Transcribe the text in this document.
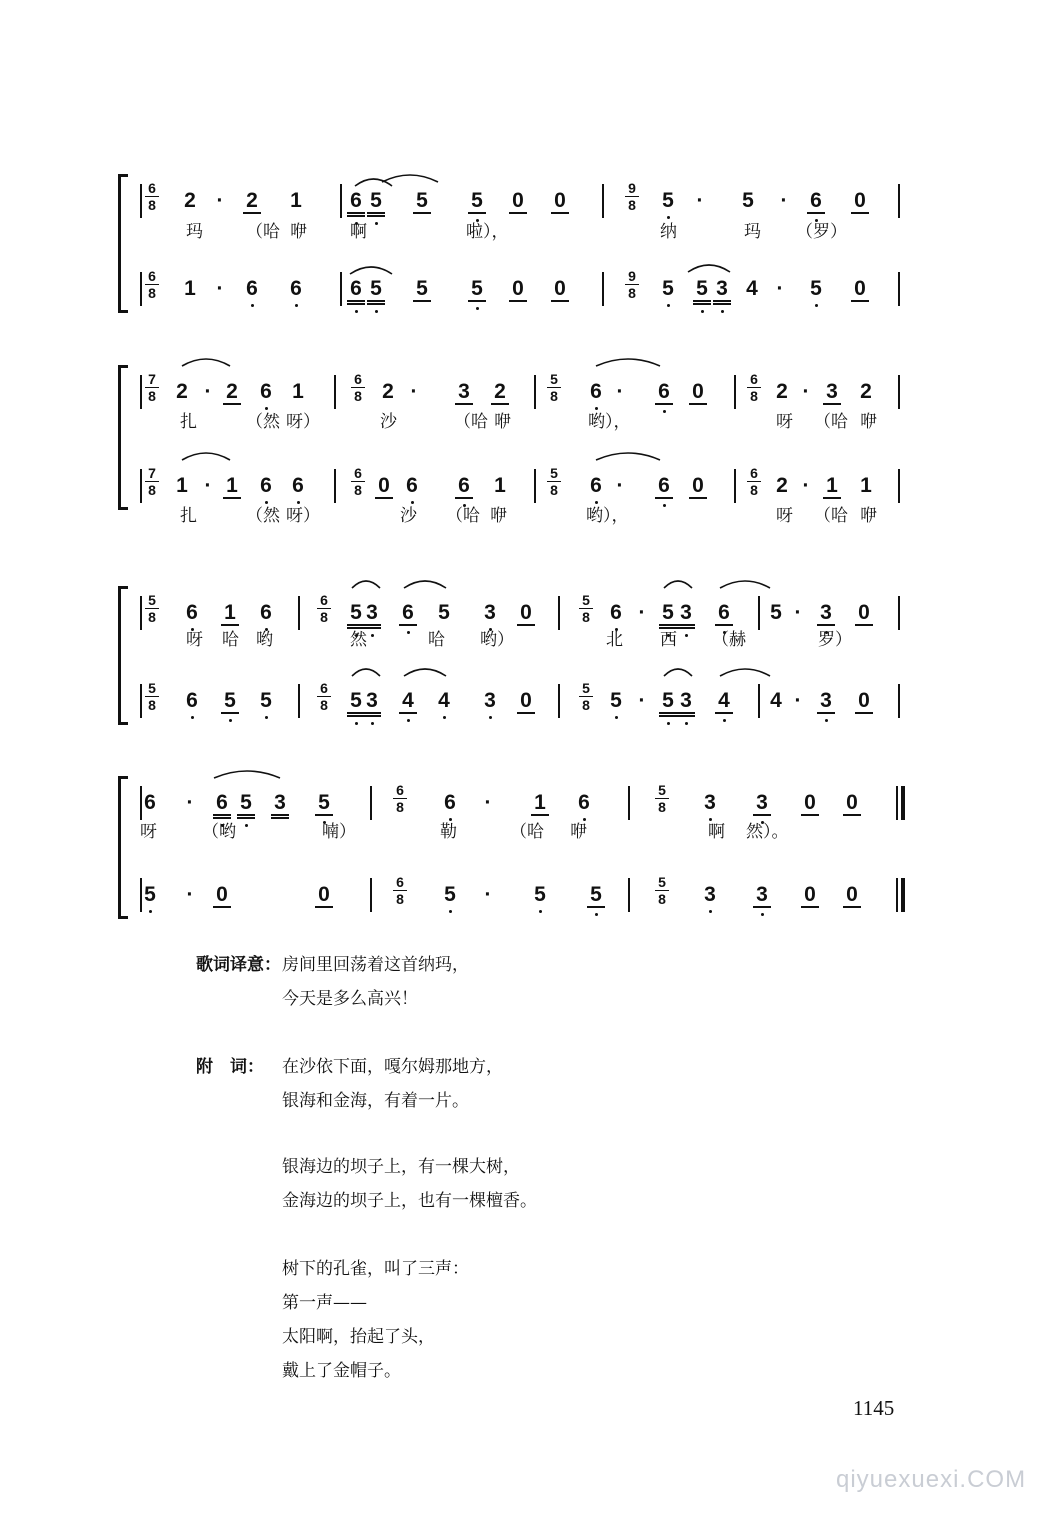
$\frac{6}{8} 2$ ·	2 1 6 5 5 5 0 0	$\frac{9}{8} 5$	·	5	·	6 0
$\frac{6}{8} 1$ ·	6 6 6 5 5 5 0 0	$\frac{9}{8} 5$ 5 3 4 ·	5 0
玛	（哈 咿	啊	啦），	纳	玛 （罗）
$\frac{7}{8} 2 \cdot 2$ 6 1	$\frac{6}{8} 2$ ·	3 2	$\frac{5}{8} 6$ ·	6 0	$\frac{6}{8} 2 \cdot 3$ 2
$\frac{7}{8} 1 \cdot 1$ 6 6	$\frac{6}{8} 0$ 6 6 1	$\frac{5}{8} 6$ ·	6 0	$\frac{6}{8} 2 \cdot 1$ 1
扎	（然 呀）	沙	（哈 咿	哟），	呀 （哈 咿
扎	（然 呀）	沙 （哈 咿	哟），	呀 （哈 咿
$\frac{5}{8} 6$ 1 6	$\frac{6}{8} 5$ 3 6 5 3 0	$\frac{5}{8} 6 \cdot 5$ 3 6 5 · 3 0
$\frac{5}{8} 6$ 5 5	$\frac{6}{8} 5$ 3 4 4 3 0	$\frac{5}{8} 5 \cdot 5$ 3 4 4 · 3 0
呀 哈 哟	然	哈 哟）	北 西 （赫	罗）
6	·	6 5 3 5	$\frac{6}{8} 6$	·	1 6	$\frac{5}{8} 3$ 3 0 0
5	·	0	0	$\frac{6}{8} 5$	·	5 5	$\frac{5}{8} 3$ 3 0 0
呀	（哟	喃）	勒	（哈 咿	啊 然）。
歌词译意： 房间里回荡着这首纳玛，
今天是多么高兴！
附　词： 在沙依下面，嘎尔姆那地方，
银海和金海，有着一片。
银海边的坝子上，有一棵大树，
金海边的坝子上，也有一棵檀香。
树下的孔雀，叫了三声：
第一声——
太阳啊，抬起了头，
戴上了金帽子。
1145
qiyuexuexi.COM
